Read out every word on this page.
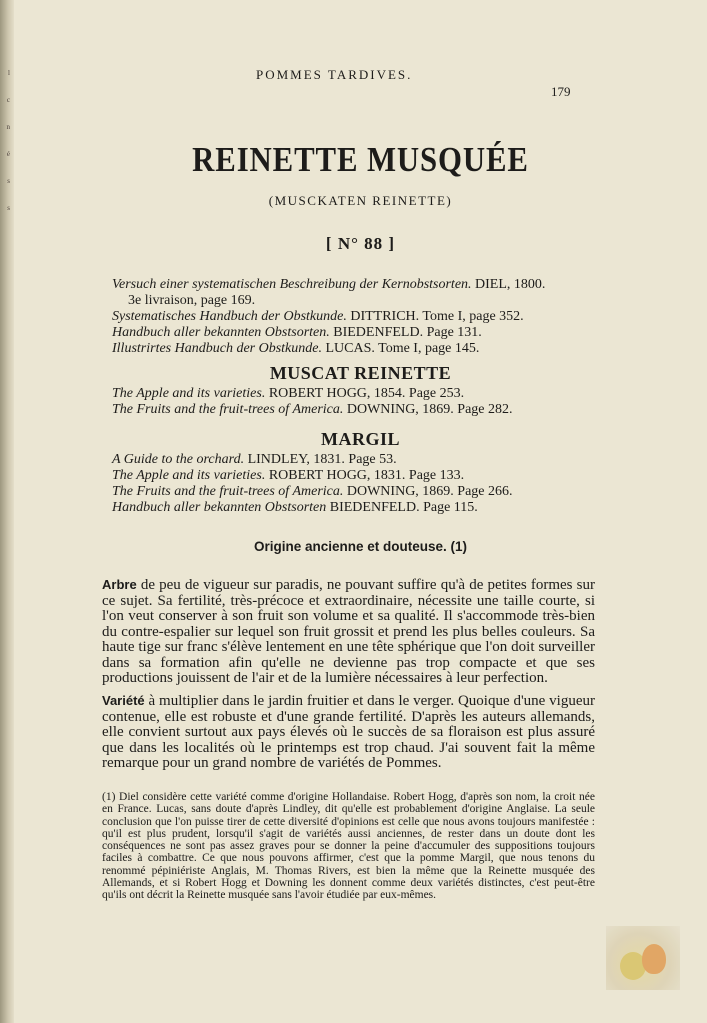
l
c
n
é
s
s
POMMES TARDIVES.
179
REINETTE MUSQUÉE
(MUSCKATEN REINETTE)
[ N° 88 ]
Versuch einer systematischen Beschreibung der Kernobstsorten. DIEL, 1800.
3e livraison, page 169.
Systematisches Handbuch der Obstkunde. DITTRICH. Tome I, page 352.
Handbuch aller bekannten Obstsorten. BIEDENFELD. Page 131.
Illustrirtes Handbuch der Obstkunde. LUCAS. Tome I, page 145.
MUSCAT REINETTE
The Apple and its varieties. ROBERT HOGG, 1854. Page 253.
The Fruits and the fruit-trees of America. DOWNING, 1869. Page 282.
MARGIL
A Guide to the orchard. LINDLEY, 1831. Page 53.
The Apple and its varieties. ROBERT HOGG, 1831. Page 133.
The Fruits and the fruit-trees of America. DOWNING, 1869. Page 266.
Handbuch aller bekannten Obstsorten BIEDENFELD. Page 115.
Origine ancienne et douteuse. (1)
Arbre de peu de vigueur sur paradis, ne pouvant suffire qu'à de petites formes sur ce sujet. Sa fertilité, très-précoce et extraordinaire, nécessite une taille courte, si l'on veut conserver à son fruit son volume et sa qualité. Il s'accommode très-bien du contre-espalier sur lequel son fruit grossit et prend les plus belles couleurs. Sa haute tige sur franc s'élève lentement en une tête sphérique que l'on doit surveiller dans sa formation afin qu'elle ne devienne pas trop compacte et que ses productions jouissent de l'air et de la lumière nécessaires à leur perfection.
Variété à multiplier dans le jardin fruitier et dans le verger. Quoique d'une vigueur contenue, elle est robuste et d'une grande fertilité. D'après les auteurs allemands, elle convient surtout aux pays élevés où le succès de sa floraison est plus assuré que dans les localités où le printemps est trop chaud. J'ai souvent fait la même remarque pour un grand nombre de variétés de Pommes.
(1) Diel considère cette variété comme d'origine Hollandaise. Robert Hogg, d'après son nom, la croit née en France. Lucas, sans doute d'après Lindley, dit qu'elle est probablement d'origine Anglaise. La seule conclusion que l'on puisse tirer de cette diversité d'opinions est celle que nous avons toujours manifestée : qu'il est plus prudent, lorsqu'il s'agit de variétés aussi anciennes, de rester dans un doute dont les conséquences ne sont pas assez graves pour se donner la peine d'accumuler des suppositions toujours faciles à combattre. Ce que nous pouvons affirmer, c'est que la pomme Margil, que nous tenons du renommé pépiniériste Anglais, M. Thomas Rivers, est bien la même que la Reinette musquée des Allemands, et si Robert Hogg et Downing les donnent comme deux variétés distinctes, c'est peut-être qu'ils ont décrit la Reinette musquée sans l'avoir étudiée par eux-mêmes.
